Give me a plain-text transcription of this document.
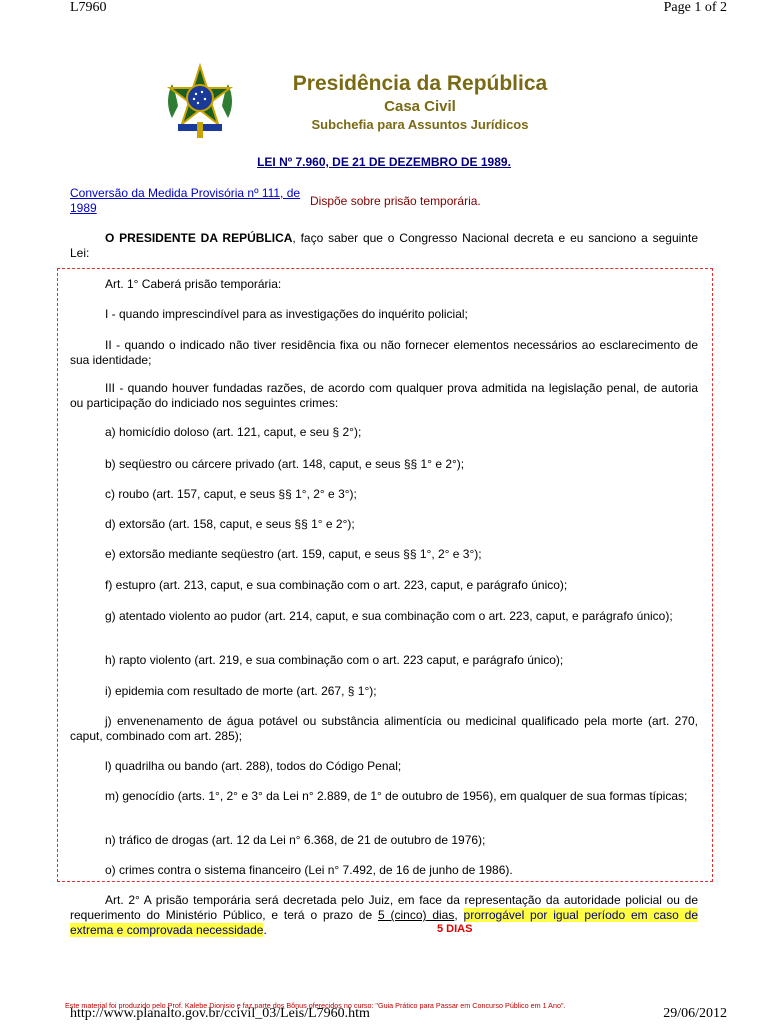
L7960	Page 1 of 2
Presidência da República
Casa Civil
Subchefia para Assuntos Jurídicos
LEI Nº 7.960, DE 21 DE DEZEMBRO DE 1989.
Conversão da Medida Provisória nº 111, de 1989	Dispõe sobre prisão temporária.
O PRESIDENTE DA REPÚBLICA, faço saber que o Congresso Nacional decreta e eu sanciono a seguinte Lei:
Art. 1° Caberá prisão temporária:
I - quando imprescindível para as investigações do inquérito policial;
II - quando o indicado não tiver residência fixa ou não fornecer elementos necessários ao esclarecimento de sua identidade;
III - quando houver fundadas razões, de acordo com qualquer prova admitida na legislação penal, de autoria ou participação do indiciado nos seguintes crimes:
a) homicídio doloso (art. 121, caput, e seu § 2°);
b) seqüestro ou cárcere privado (art. 148, caput, e seus §§ 1° e 2°);
c) roubo (art. 157, caput, e seus §§ 1°, 2° e 3°);
d) extorsão (art. 158, caput, e seus §§ 1° e 2°);
e) extorsão mediante seqüestro (art. 159, caput, e seus §§ 1°, 2° e 3°);
f) estupro (art. 213, caput, e sua combinação com o art. 223, caput, e parágrafo único);
g) atentado violento ao pudor (art. 214, caput, e sua combinação com o art. 223, caput, e parágrafo único);
h) rapto violento (art. 219, e sua combinação com o art. 223 caput, e parágrafo único);
i) epidemia com resultado de morte (art. 267, § 1°);
j) envenenamento de água potável ou substância alimentícia ou medicinal qualificado pela morte (art. 270, caput, combinado com art. 285);
l) quadrilha ou bando (art. 288), todos do Código Penal;
m) genocídio (arts. 1°, 2° e 3° da Lei n° 2.889, de 1° de outubro de 1956), em qualquer de sua formas típicas;
n) tráfico de drogas (art. 12 da Lei n° 6.368, de 21 de outubro de 1976);
o) crimes contra o sistema financeiro (Lei n° 7.492, de 16 de junho de 1986).
Art. 2° A prisão temporária será decretada pelo Juiz, em face da representação da autoridade policial ou de requerimento do Ministério Público, e terá o prazo de 5 (cinco) dias, prorrogável por igual período em caso de extrema e comprovada necessidade.	5 DIAS
Este material foi produzido pelo Prof. Kalebe Dionisio e faz parte dos Bônus oferecidos no curso: "Guia Prático para Passar em Concurso Público em 1 Ano".
http://www.planalto.gov.br/ccivil_03/Leis/L7960.htm	29/06/2012
